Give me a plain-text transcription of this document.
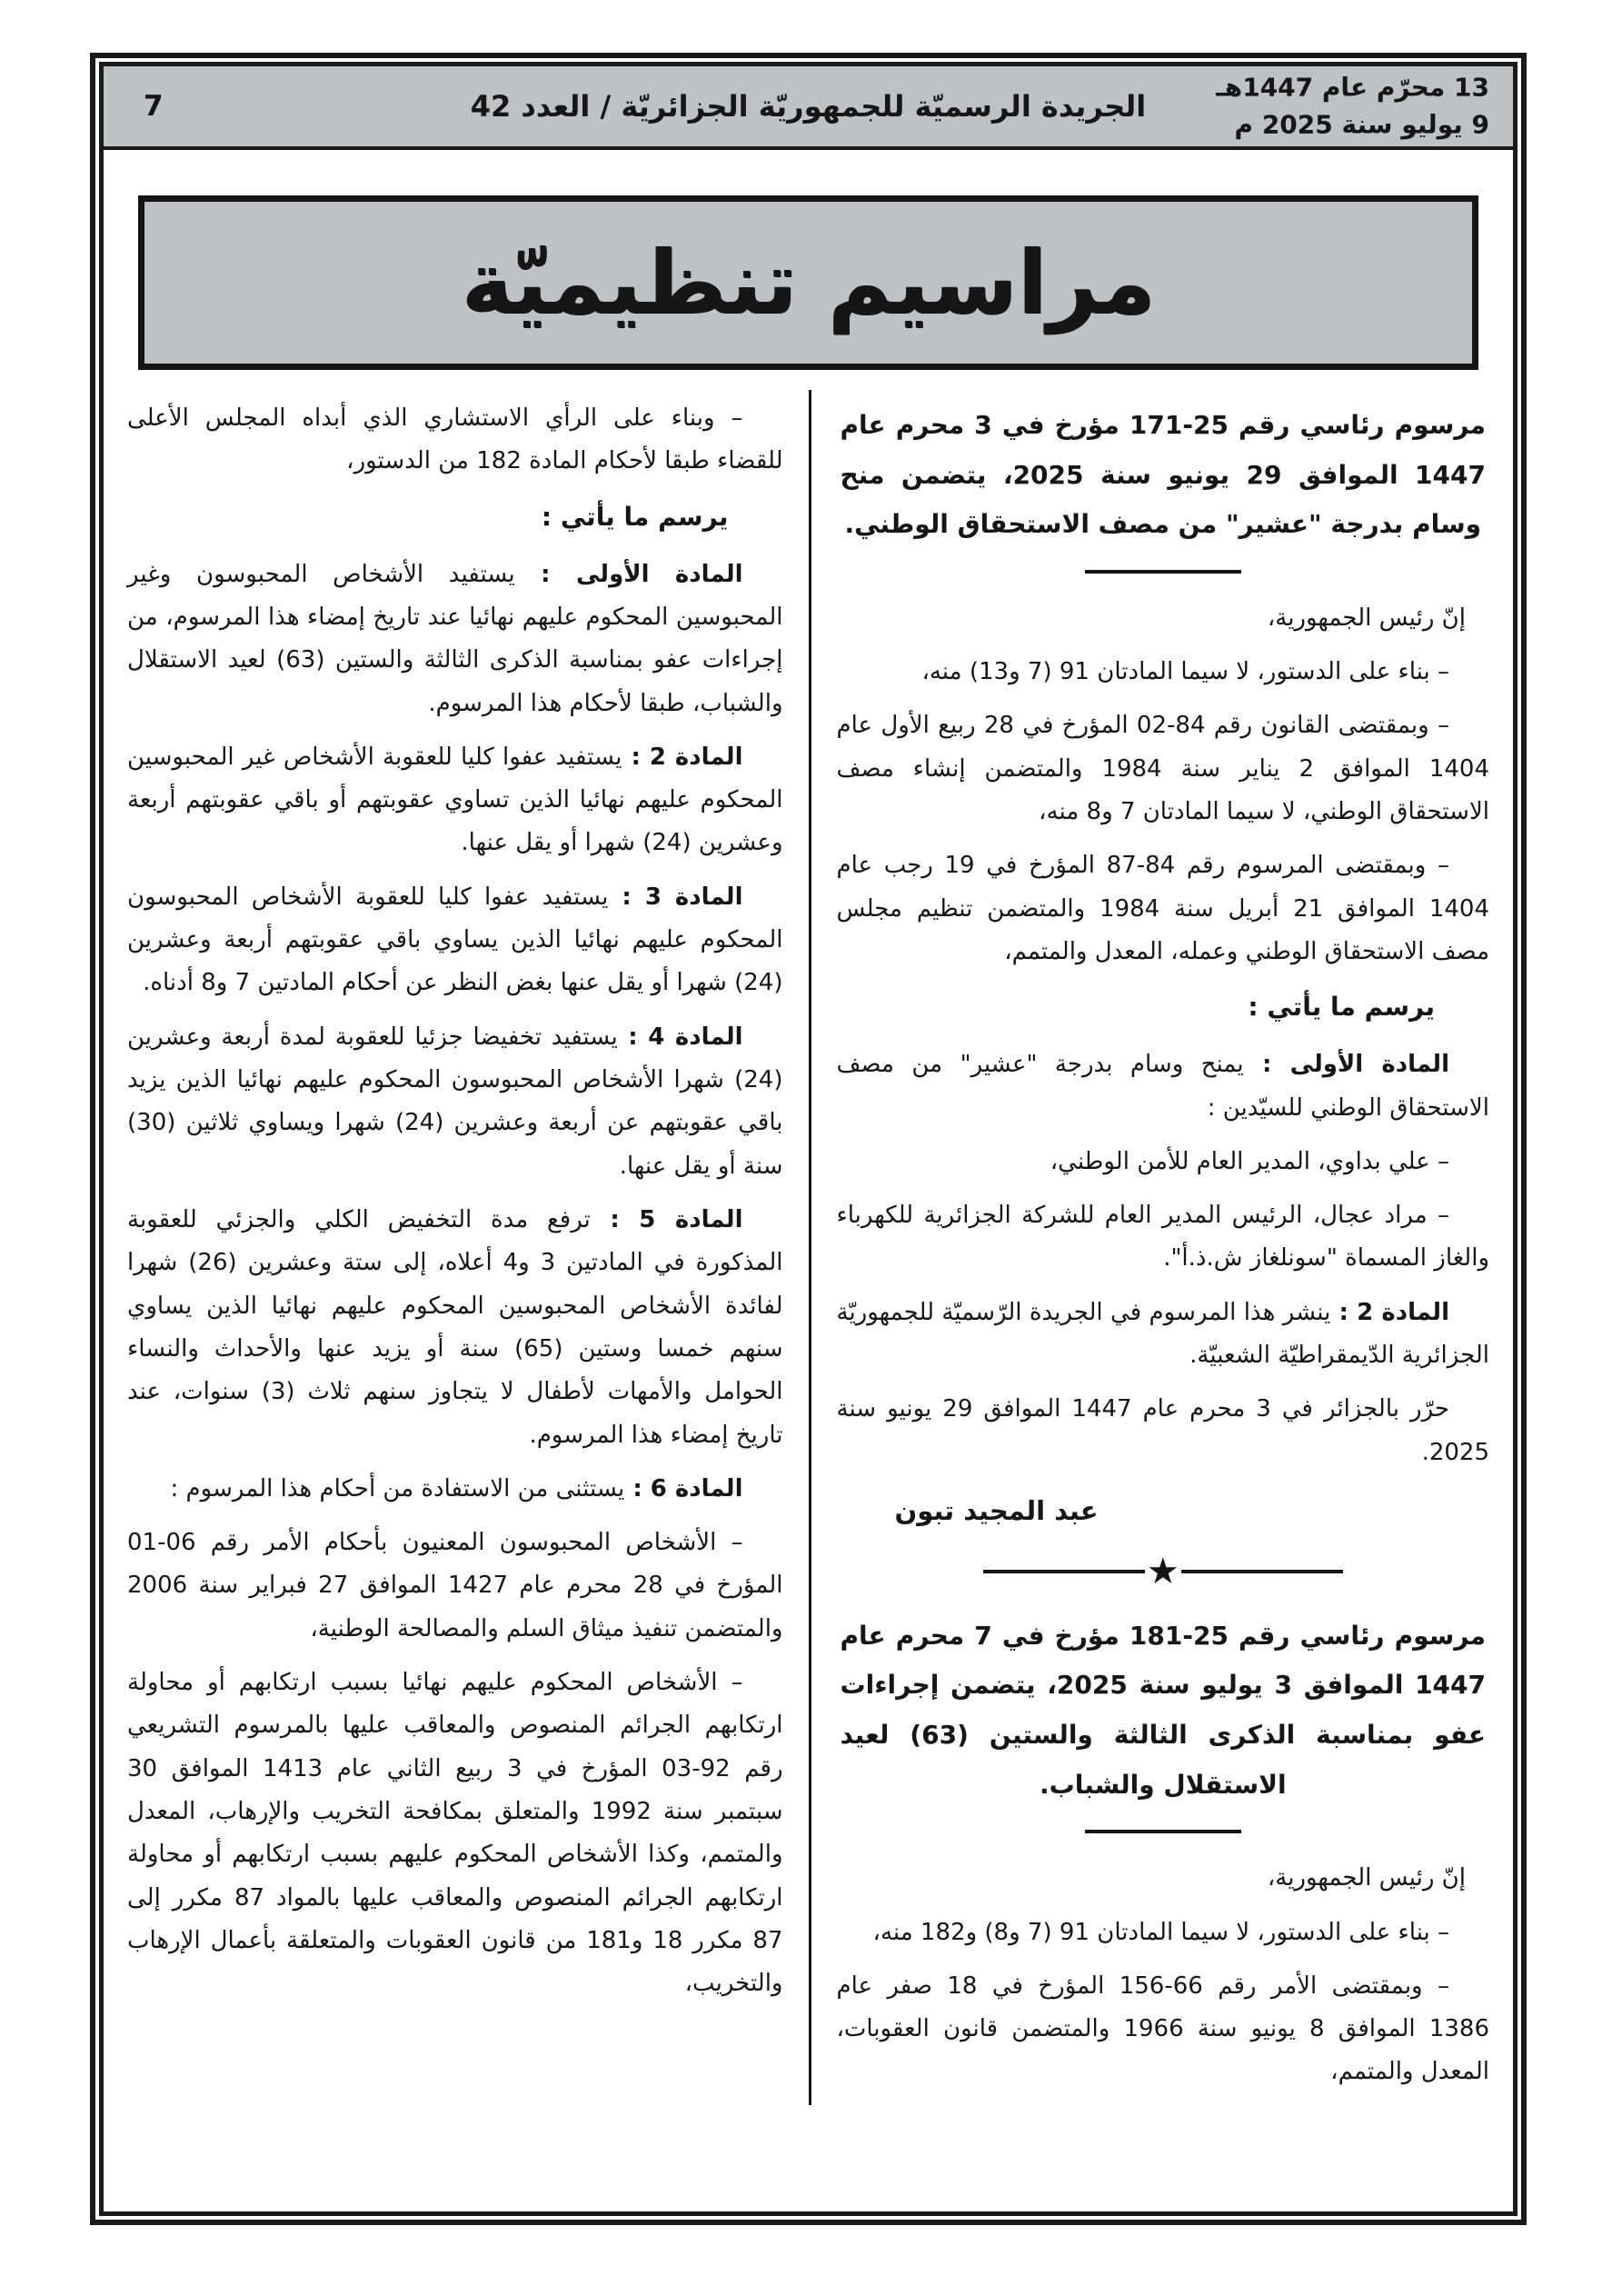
13 محرّم عام 1447هـ
9 يوليو سنة 2025 م
الجريدة الرسميّة للجمهوريّة الجزائريّة / العدد 42
7
مراسيم تنظيميّة

مرسوم رئاسي رقم 25‏-‏171 مؤرخ في 3 محرم عام 1447 الموافق 29 يونيو سنة 2025، يتضمن منح وسام بدرجة "عشير" من مصف الاستحقاق الوطني.

إنّ رئيس الجمهورية،

– بناء على الدستور، لا سيما المادتان 91 (7 و13) منه،

– وبمقتضى القانون رقم 84‏-‏02 المؤرخ في 28 ربيع الأول عام 1404 الموافق 2 يناير سنة 1984 والمتضمن إنشاء مصف الاستحقاق الوطني، لا سيما المادتان 7 و8 منه،

– وبمقتضى المرسوم رقم 84‏-‏87 المؤرخ في 19 رجب عام 1404 الموافق 21 أبريل سنة 1984 والمتضمن تنظيم مجلس مصف الاستحقاق الوطني وعمله، المعدل والمتمم،

يرسم ما يأتي :

المادة الأولى : يمنح وسام بدرجة "عشير" من مصف الاستحقاق الوطني للسيّدين :

– علي بداوي، المدير العام للأمن الوطني،

– مراد عجال، الرئيس المدير العام للشركة الجزائرية للكهرباء والغاز المسماة "سونلغاز ش.ذ.أ".

المادة 2 : ينشر هذا المرسوم في الجريدة الرّسميّة للجمهوريّة الجزائرية الدّيمقراطيّة الشعبيّة.

حرّر بالجزائر في 3 محرم عام 1447 الموافق 29 يونيو سنة 2025.

عبد المجيد تبون

★

مرسوم رئاسي رقم 25‏-‏181 مؤرخ في 7 محرم عام 1447 الموافق 3 يوليو سنة 2025، يتضمن إجراءات عفو بمناسبة الذكرى الثالثة والستين (63) لعيد الاستقلال والشباب.

إنّ رئيس الجمهورية،

– بناء على الدستور، لا سيما المادتان 91 (7 و8) و182 منه،

– وبمقتضى الأمر رقم 66‏-‏156 المؤرخ في 18 صفر عام 1386 الموافق 8 يونيو سنة 1966 والمتضمن قانون العقوبات، المعدل والمتمم،

– وبناء على الرأي الاستشاري الذي أبداه المجلس الأعلى للقضاء طبقا لأحكام المادة 182 من الدستور،

يرسم ما يأتي :

المادة الأولى : يستفيد الأشخاص المحبوسون وغير المحبوسين المحكوم عليهم نهائيا عند تاريخ إمضاء هذا المرسوم، من إجراءات عفو بمناسبة الذكرى الثالثة والستين (63) لعيد الاستقلال والشباب، طبقا لأحكام هذا المرسوم.

المادة 2 : يستفيد عفوا كليا للعقوبة الأشخاص غير المحبوسين المحكوم عليهم نهائيا الذين تساوي عقوبتهم أو باقي عقوبتهم أربعة وعشرين (24) شهرا أو يقل عنها.

المادة 3 : يستفيد عفوا كليا للعقوبة الأشخاص المحبوسون المحكوم عليهم نهائيا الذين يساوي باقي عقوبتهم أربعة وعشرين (24) شهرا أو يقل عنها بغض النظر عن أحكام المادتين 7 و8 أدناه.

المادة 4 : يستفيد تخفيضا جزئيا للعقوبة لمدة أربعة وعشرين (24) شهرا الأشخاص المحبوسون المحكوم عليهم نهائيا الذين يزيد باقي عقوبتهم عن أربعة وعشرين (24) شهرا ويساوي ثلاثين (30) سنة أو يقل عنها.

المادة 5 : ترفع مدة التخفيض الكلي والجزئي للعقوبة المذكورة في المادتين 3 و4 أعلاه، إلى ستة وعشرين (26) شهرا لفائدة الأشخاص المحبوسين المحكوم عليهم نهائيا الذين يساوي سنهم خمسا وستين (65) سنة أو يزيد عنها والأحداث والنساء الحوامل والأمهات لأطفال لا يتجاوز سنهم ثلاث (3) سنوات، عند تاريخ إمضاء هذا المرسوم.

المادة 6 : يستثنى من الاستفادة من أحكام هذا المرسوم :

– الأشخاص المحبوسون المعنيون بأحكام الأمر رقم 06‏-‏01 المؤرخ في 28 محرم عام 1427 الموافق 27 فبراير سنة 2006 والمتضمن تنفيذ ميثاق السلم والمصالحة الوطنية،

– الأشخاص المحكوم عليهم نهائيا بسبب ارتكابهم أو محاولة ارتكابهم الجرائم المنصوص والمعاقب عليها بالمرسوم التشريعي رقم 92‏-‏03 المؤرخ في 3 ربيع الثاني عام 1413 الموافق 30 سبتمبر سنة 1992 والمتعلق بمكافحة التخريب والإرهاب، المعدل والمتمم، وكذا الأشخاص المحكوم عليهم بسبب ارتكابهم أو محاولة ارتكابهم الجرائم المنصوص والمعاقب عليها بالمواد 87 مكرر إلى 87 مكرر 18 و181 من قانون العقوبات والمتعلقة بأعمال الإرهاب والتخريب،
